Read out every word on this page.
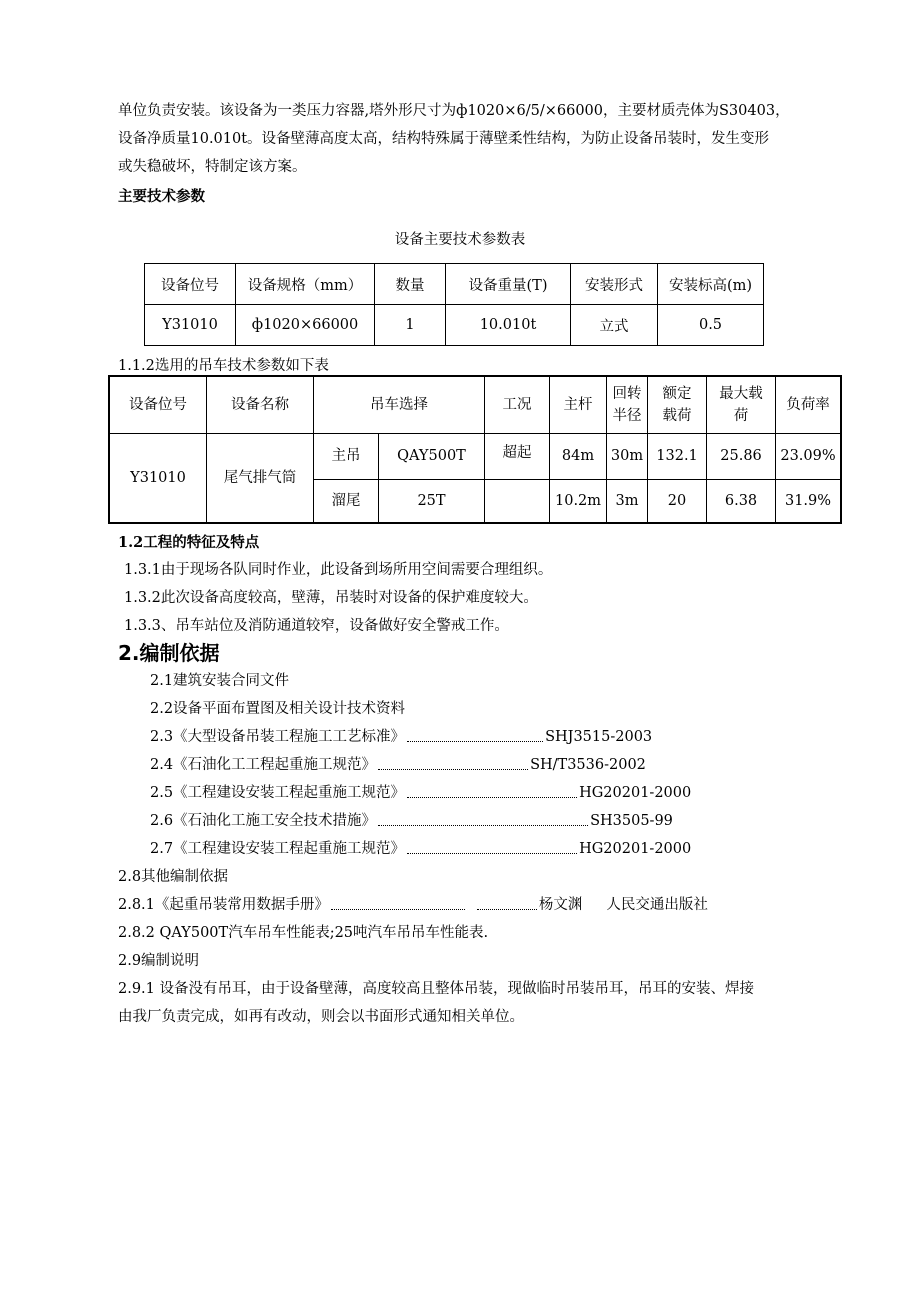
单位负责安装。该设备为一类压力容器,塔外形尺寸为ф1020×6/5/×66000，主要材质壳体为S30403，

设备净质量10.010t。设备壁薄高度太高，结构特殊属于薄壁柔性结构，为防止设备吊装时，发生变形

或失稳破坏，特制定该方案。

主要技术参数

设备主要技术参数表

设备位号	设备规格（mm）	数量	设备重量(T)	安装形式	安装标高(m)
Y31010	ф1020×66000	1	10.010t	立式	0.5

1.1.2选用的吊车技术参数如下表

设备位号	设备名称	吊车选择		工况	主杆	回转
半径	额定
载荷	最大载
荷	负荷率
Y31010	尾气排气筒	主吊	QAY500T	超起	84m	30m	132.1	25.86	23.09%
		溜尾	25T		10.2m	3m	20	6.38	31.9%

1.2工程的特征及特点

1.3.1由于现场各队同时作业，此设备到场所用空间需要合理组织。

1.3.2此次设备高度较高，壁薄，吊装时对设备的保护难度较大。

1.3.3、吊车站位及消防通道较窄，设备做好安全警戒工作。

2.编制依据

2.1建筑安装合同文件

2.2设备平面布置图及相关设计技术资料

2.3《大型设备吊装工程施工工艺标准》	SHJ3515-2003

2.4《石油化工工程起重施工规范》	SH/T3536-2002

2.5《工程建设安装工程起重施工规范》	HG20201-2000

2.6《石油化工施工安全技术措施》	SH3505-99

2.7《工程建设安装工程起重施工规范》	HG20201-2000

2.8其他编制依据

2.8.1《起重吊装常用数据手册》	杨文渊 人民交通出版社

2.8.2 QAY500T汽车吊车性能表;25吨汽车吊吊车性能表.

2.9编制说明

2.9.1 设备没有吊耳，由于设备壁薄，高度较高且整体吊装，现做临时吊装吊耳，吊耳的安装、焊接

由我厂负责完成，如再有改动，则会以书面形式通知相关单位。
